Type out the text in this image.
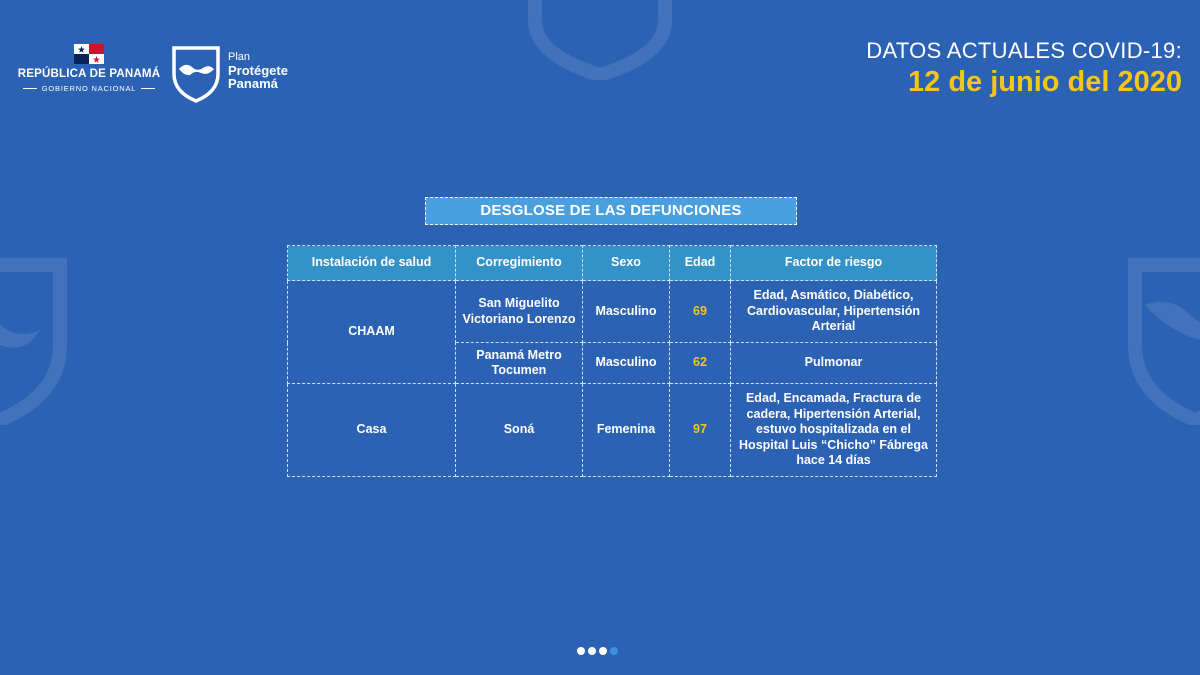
REPÚBLICA DE PANAMÁ
GOBIERNO NACIONAL
Plan
Protégete
Panamá
DATOS ACTUALES COVID-19:
12 de junio del 2020
DESGLOSE DE LAS DEFUNCIONES
Instalación de salud	Corregimiento	Sexo	Edad	Factor de riesgo
CHAAM	San Miguelito Victoriano Lorenzo	Masculino	69	Edad, Asmático, Diabético, Cardiovascular, Hipertensión Arterial
	Panamá Metro Tocumen	Masculino	62	Pulmonar
Casa	Soná	Femenina	97	Edad, Encamada, Fractura de cadera, Hipertensión Arterial, estuvo hospitalizada en el Hospital Luis “Chicho” Fábrega hace 14 días
